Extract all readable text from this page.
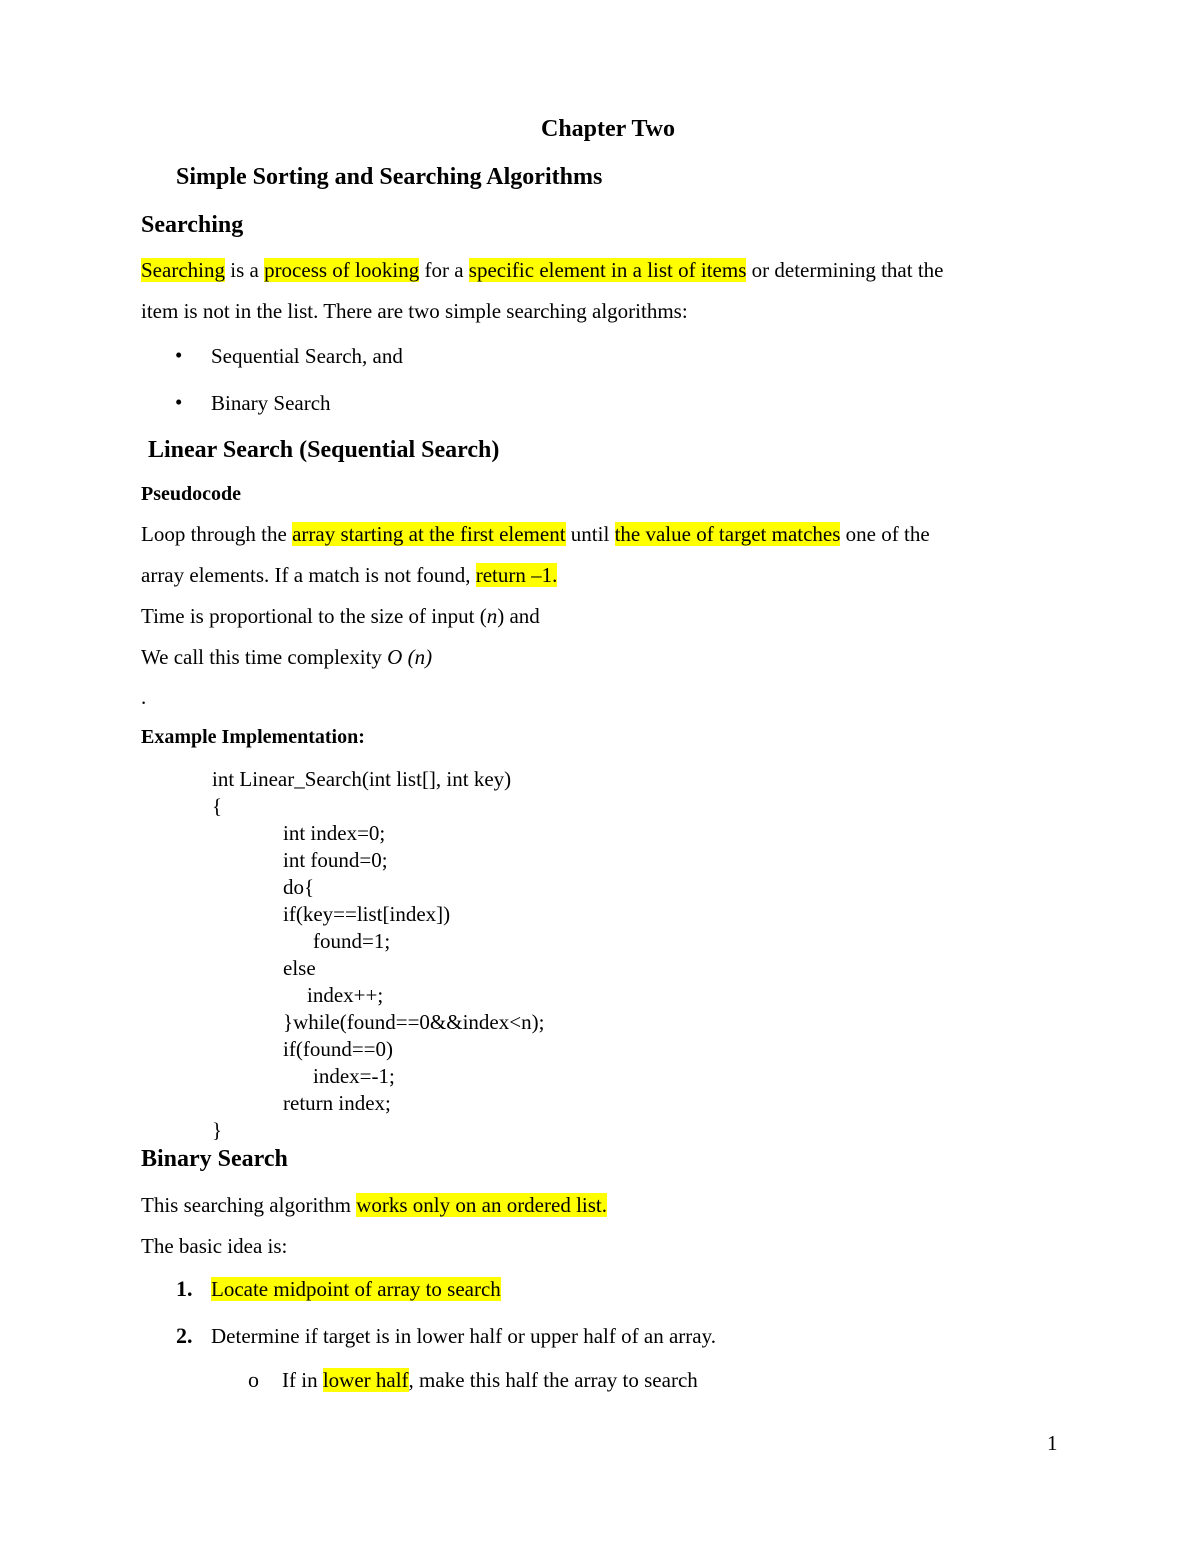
Chapter Two
Simple Sorting and Searching Algorithms
Searching
Searching is a process of looking for a specific element in a list of items or determining that the
item is not in the list. There are two simple searching algorithms:
• Sequential Search, and
• Binary Search
Linear Search (Sequential Search)
Pseudocode
Loop through the array starting at the first element until the value of target matches one of the
array elements. If a match is not found, return –1.
Time is proportional to the size of input (n) and
We call this time complexity O (n)
.
Example Implementation:
int Linear_Search(int list[], int key)
{
int index=0;
int found=0;
do{
if(key==list[index])
found=1;
else
index++;
}while(found==0&&index<n);
if(found==0)
index=-1;
return index;
}
Binary Search
This searching algorithm works only on an ordered list.
The basic idea is:
1. Locate midpoint of array to search
2. Determine if target is in lower half or upper half of an array.
o If in lower half, make this half the array to search
1
